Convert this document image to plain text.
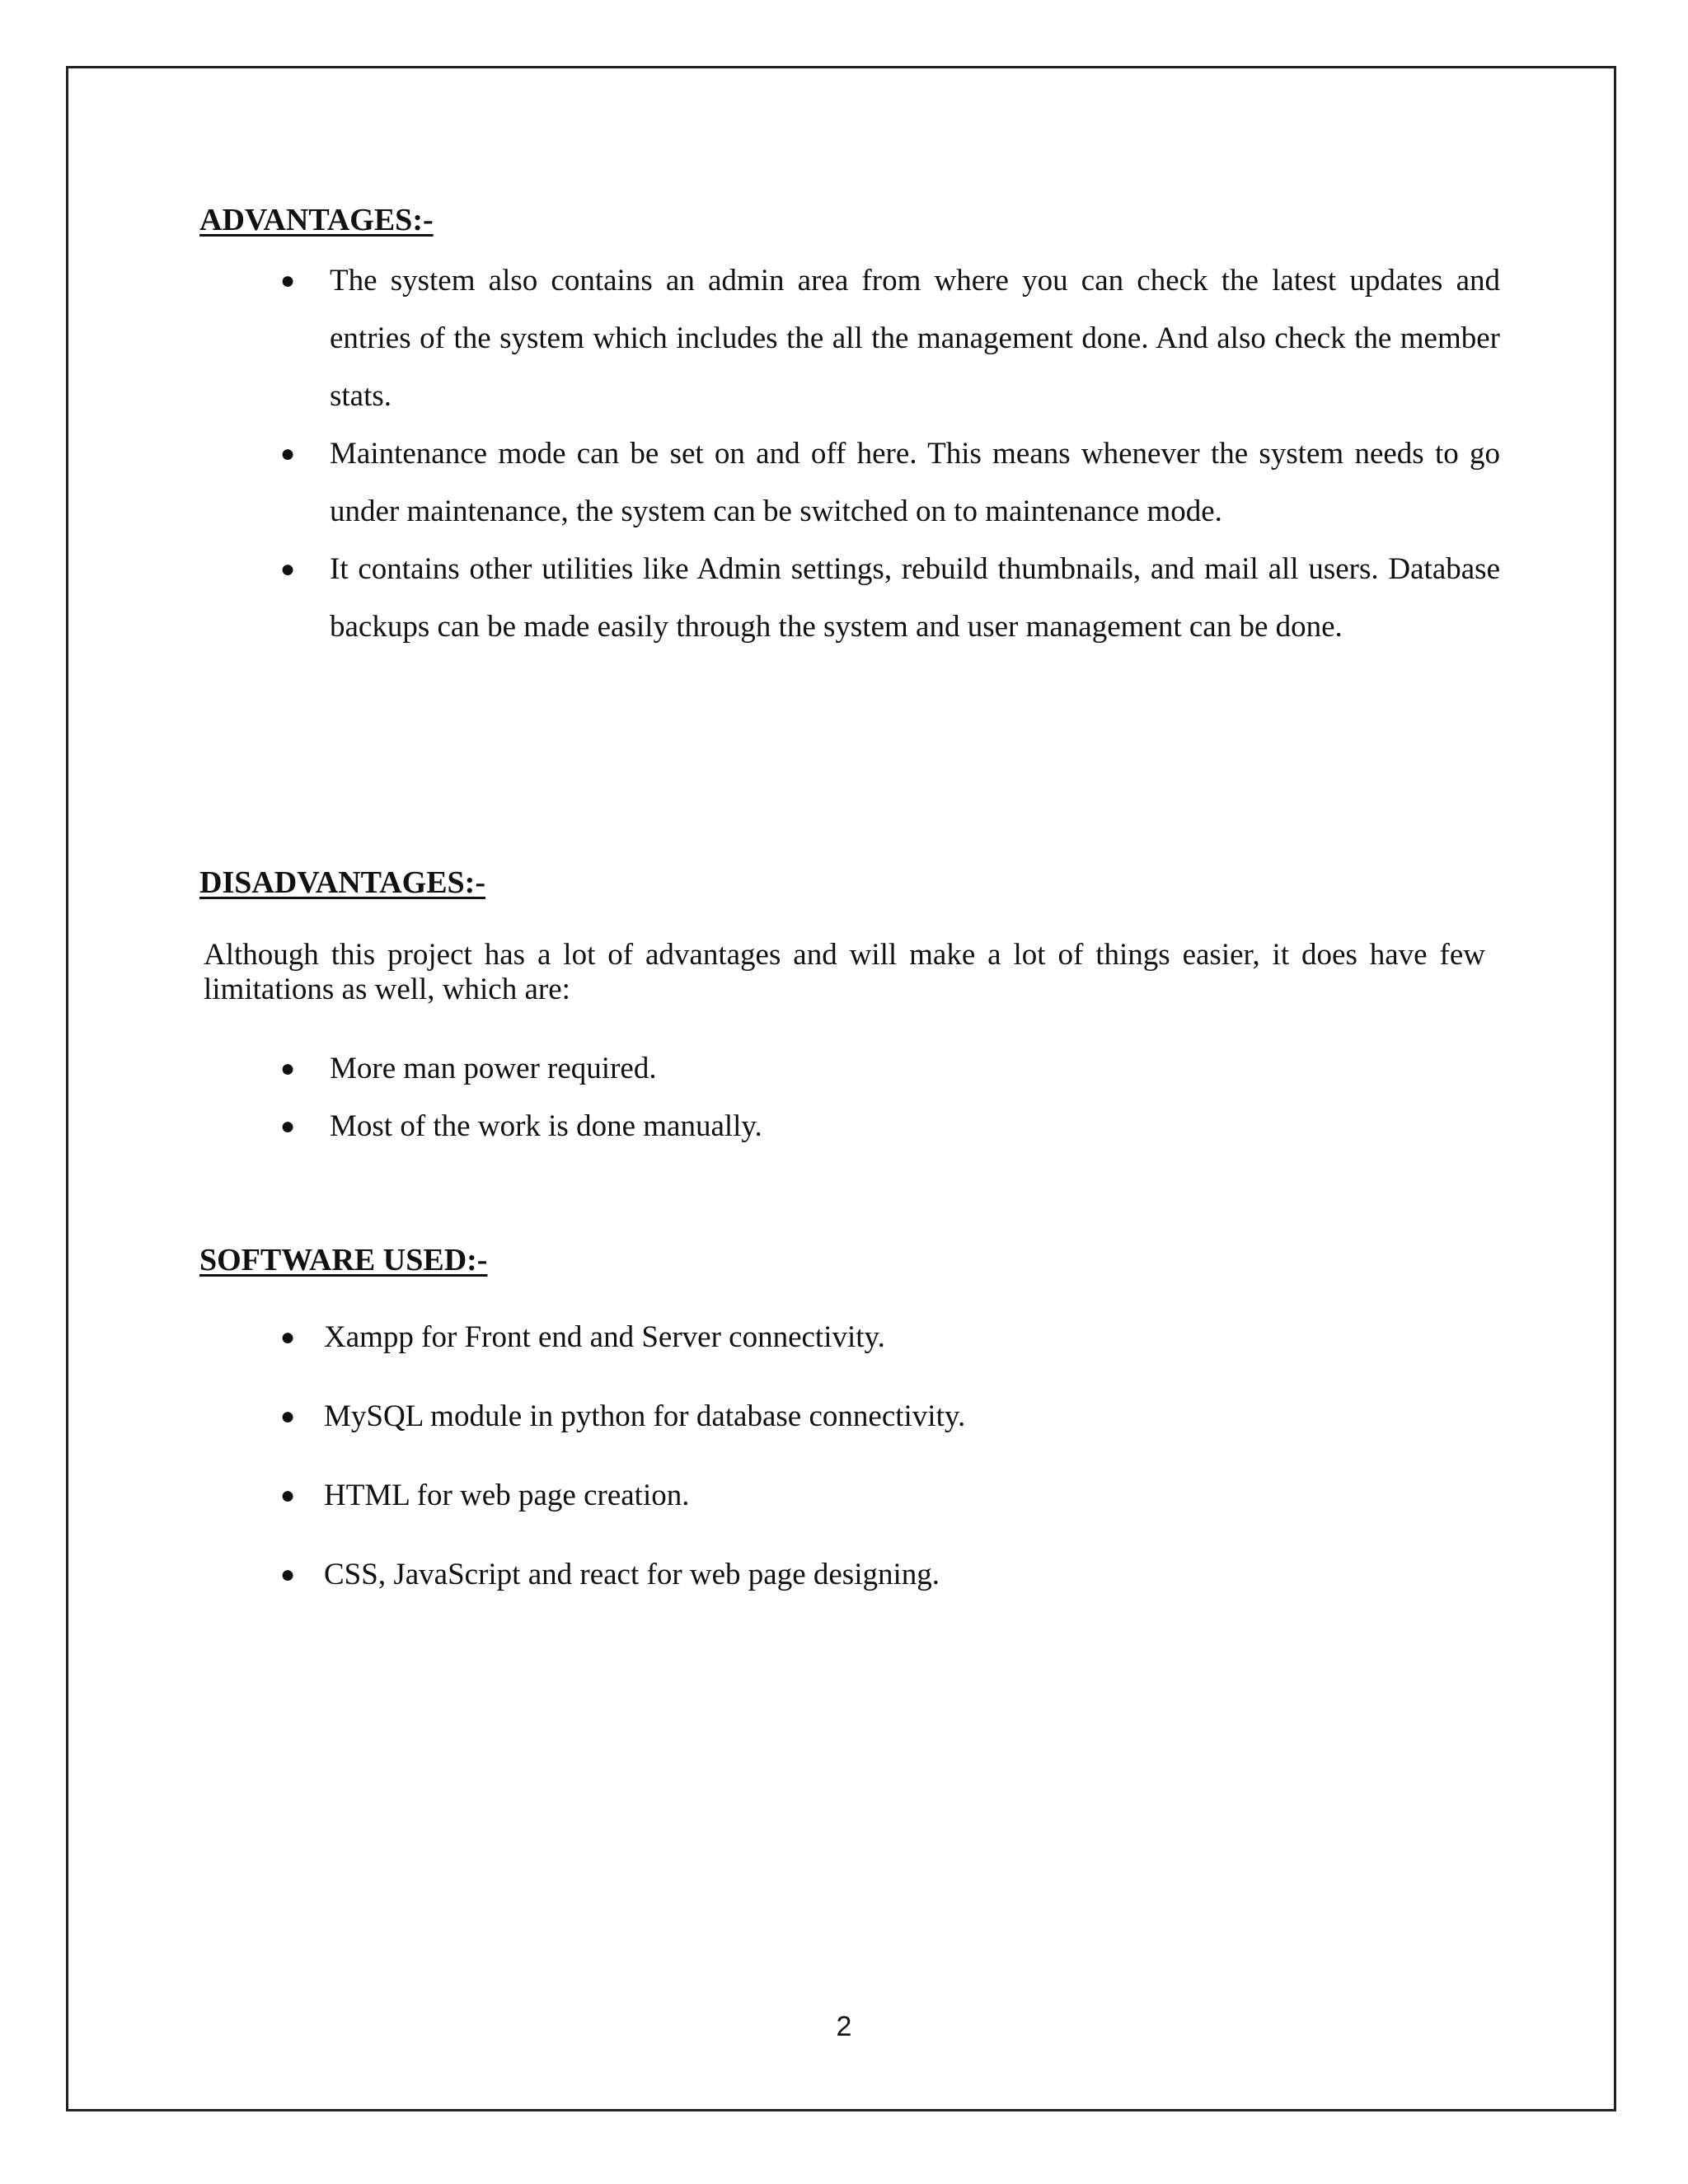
ADVANTAGES:-
● The system also contains an admin area from where you can check the latest updates and entries of the system which includes the all the management done. And also check the member stats.
● Maintenance mode can be set on and off here. This means whenever the system needs to go under maintenance, the system can be switched on to maintenance mode.
● It contains other utilities like Admin settings, rebuild thumbnails, and mail all users. Database backups can be made easily through the system and user management can be done.
DISADVANTAGES:-

Although this project has a lot of advantages and will make a lot of things easier, it does have few limitations as well, which are:

● More man power required.
● Most of the work is done manually.
SOFTWARE USED:-
● Xampp for Front end and Server connectivity.
● MySQL module in python for database connectivity.
● HTML for web page creation.
● CSS, JavaScript and react for web page designing.
2
